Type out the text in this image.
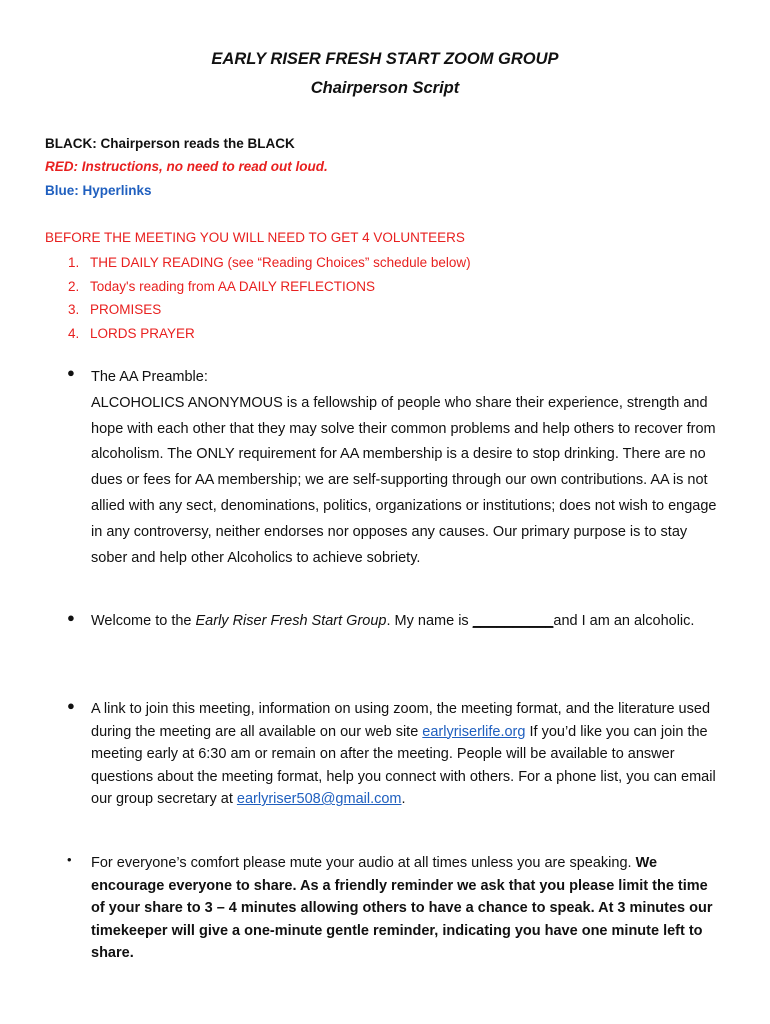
EARLY RISER FRESH START ZOOM GROUP
Chairperson Script
BLACK: Chairperson reads the BLACK
RED: Instructions, no need to read out loud.
Blue: Hyperlinks
BEFORE THE MEETING YOU WILL NEED TO GET 4 VOLUNTEERS
1. THE DAILY READING (see “Reading Choices” schedule below)
2. Today's reading from AA DAILY REFLECTIONS
3. PROMISES
4. LORDS PRAYER
● The AA Preamble:
ALCOHOLICS ANONYMOUS is a fellowship of people who share their experience, strength and hope with each other that they may solve their common problems and help others to recover from alcoholism. The ONLY requirement for AA membership is a desire to stop drinking. There are no dues or fees for AA membership; we are self-supporting through our own contributions. AA is not allied with any sect, denominations, politics, organizations or institutions; does not wish to engage in any controversy, neither endorses nor opposes any causes. Our primary purpose is to stay sober and help other Alcoholics to achieve sobriety.
● Welcome to the Early Riser Fresh Start Group. My name is __________and I am an alcoholic.
● A link to join this meeting, information on using zoom, the meeting format, and the literature used during the meeting are all available on our web site earlyriserlife.org If you’d like you can join the meeting early at 6:30 am or remain on after the meeting. People will be available to answer questions about the meeting format, help you connect with others. For a phone list, you can email our group secretary at earlyriser508@gmail.com.
• For everyone’s comfort please mute your audio at all times unless you are speaking. We encourage everyone to share. As a friendly reminder we ask that you please limit the time of your share to 3 – 4 minutes allowing others to have a chance to speak. At 3 minutes our timekeeper will give a one-minute gentle reminder, indicating you have one minute left to share.
